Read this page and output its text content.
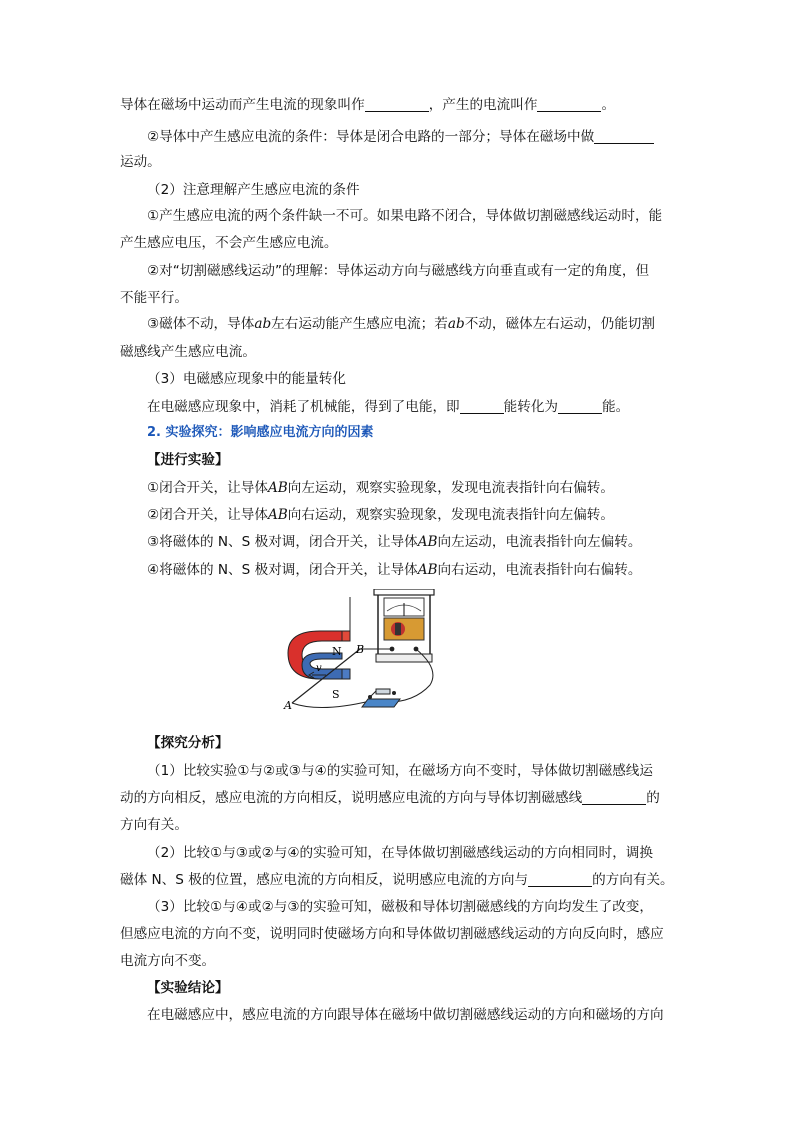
导体在磁场中运动而产生电流的现象叫作	，产生的电流叫作	。
②导体中产生感应电流的条件：导体是闭合电路的一部分；导体在磁场中做
运动。
（2）注意理解产生感应电流的条件
①产生感应电流的两个条件缺一不可。如果电路不闭合，导体做切割磁感线运动时，能
产生感应电压，不会产生感应电流。
②对“切割磁感线运动”的理解：导体运动方向与磁感线方向垂直或有一定的角度，但
不能平行。
③磁体不动，导体ab左右运动能产生感应电流；若ab不动，磁体左右运动，仍能切割
磁感线产生感应电流。
（3）电磁感应现象中的能量转化
在电磁感应现象中，消耗了机械能，得到了电能，即	能转化为	能。
2. 实验探究：影响感应电流方向的因素
【进行实验】
①闭合开关，让导体AB向左运动，观察实验现象，发现电流表指针向右偏转。
②闭合开关，让导体AB向右运动，观察实验现象，发现电流表指针向左偏转。
③将磁体的 N、S 极对调，闭合开关，让导体AB向左运动，电流表指针向左偏转。
④将磁体的 N、S 极对调，闭合开关，让导体AB向右运动，电流表指针向右偏转。
N
S
A
B
v
【探究分析】
（1）比较实验①与②或③与④的实验可知，在磁场方向不变时，导体做切割磁感线运
动的方向相反，感应电流的方向相反，说明感应电流的方向与导体切割磁感线	的
方向有关。
（2）比较①与③或②与④的实验可知，在导体做切割磁感线运动的方向相同时，调换
磁体 N、S 极的位置，感应电流的方向相反，说明感应电流的方向与	的方向有关。
（3）比较①与④或②与③的实验可知，磁极和导体切割磁感线的方向均发生了改变，
但感应电流的方向不变，说明同时使磁场方向和导体做切割磁感线运动的方向反向时，感应
电流方向不变。
【实验结论】
在电磁感应中，感应电流的方向跟导体在磁场中做切割磁感线运动的方向和磁场的方向
